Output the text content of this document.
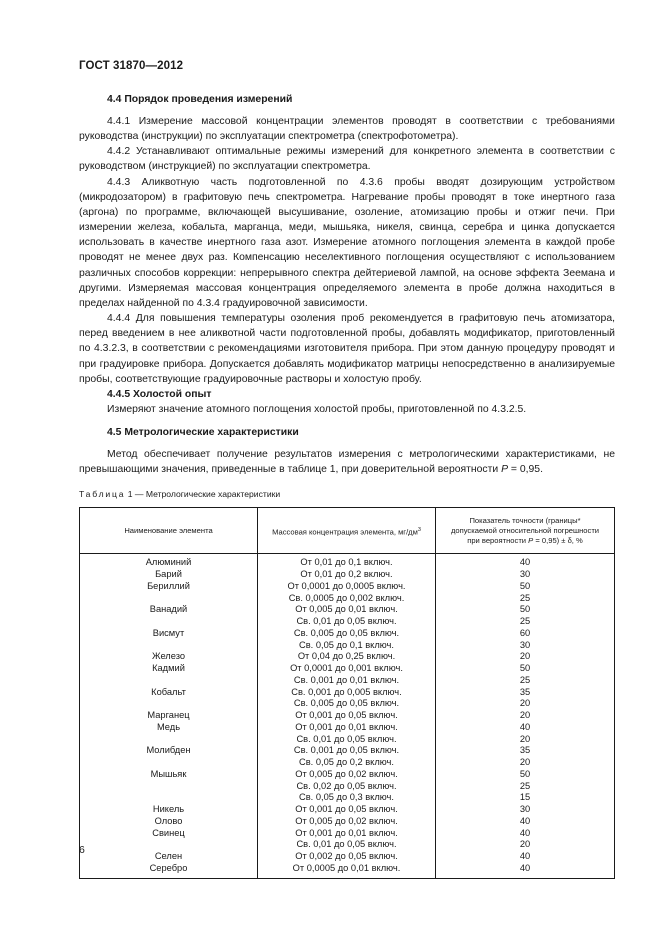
ГОСТ 31870—2012
4.4 Порядок проведения измерений

4.4.1 Измерение массовой концентрации элементов проводят в соответствии с требованиями руководства (инструкции) по эксплуатации спектрометра (спектрофотометра).

4.4.2 Устанавливают оптимальные режимы измерений для конкретного элемента в соответствии с руководством (инструкцией) по эксплуатации спектрометра.

4.4.3 Аликвотную часть подготовленной по 4.3.6 пробы вводят дозирующим устройством (микродозатором) в графитовую печь спектрометра. Нагревание пробы проводят в токе инертного газа (аргона) по программе, включающей высушивание, озоление, атомизацию пробы и отжиг печи. При измерении железа, кобальта, марганца, меди, мышьяка, никеля, свинца, серебра и цинка допускается использовать в качестве инертного газа азот. Измерение атомного поглощения элемента в каждой пробе проводят не менее двух раз. Компенсацию неселективного поглощения осуществляют с использованием различных способов коррекции: непрерывного спектра дейтериевой лампой, на основе эффекта Зеемана и другими. Измеряемая массовая концентрация определяемого элемента в пробе должна находиться в пределах найденной по 4.3.4 градуировочной зависимости.

4.4.4 Для повышения температуры озоления проб рекомендуется в графитовую печь атомизатора, перед введением в нее аликвотной части подготовленной пробы, добавлять модификатор, приготовленный по 4.3.2.3, в соответствии с рекомендациями изготовителя прибора. При этом данную процедуру проводят и при градуировке прибора. Допускается добавлять модификатор матрицы непосредственно в анализируемые пробы, соответствующие градуировочные растворы и холостую пробу.

4.4.5 Холостой опыт

Измеряют значение атомного поглощения холостой пробы, приготовленной по 4.3.2.5.

4.5 Метрологические характеристики

Метод обеспечивает получение результатов измерения с метрологическими характеристиками, не превышающими значения, приведенные в таблице 1, при доверительной вероятности P = 0,95.

Таблица 1 — Метрологические характеристики
Наименование элемента	Массовая концентрация элемента, $мг/дм^3$	Показатель точности (границы*
допускаемой относительной погрешности
при вероятности P = 0,95) ± δ, %
Алюминий	От 0,01 до 0,1 включ.	40
Барий	От 0,01 до 0,2 включ.	30
Бериллий	От 0,0001 до 0,0005 включ.	50
	Св. 0,0005 до 0,002 включ.	25
Ванадий	От 0,005 до 0,01 включ.	50
	Св. 0,01 до 0,05 включ.	25
Висмут	Св. 0,005 до 0,05 включ.	60
	Св. 0,05 до 0,1 включ.	30
Железо	От 0,04 до 0,25 включ.	20
Кадмий	От 0,0001 до 0,001 включ.	50
	Св. 0,001 до 0,01 включ.	25
Кобальт	Св. 0,001 до 0,005 включ.	35
	Св. 0,005 до 0,05 включ.	20
Марганец	От 0,001 до 0,05 включ.	20
Медь	От 0,001 до 0,01 включ.	40
	Св. 0,01 до 0,05 включ.	20
Молибден	Св. 0,001 до 0,05 включ.	35
	Св. 0,05 до 0,2 включ.	20
Мышьяк	От 0,005 до 0,02 включ.	50
	Св. 0,02 до 0,05 включ.	25
	Св. 0,05 до 0,3 включ.	15
Никель	От 0,001 до 0,05 включ.	30
Олово	От 0,005 до 0,02 включ.	40
Свинец	От 0,001 до 0,01 включ.	40
	Св. 0,01 до 0,05 включ.	20
Селен	От 0,002 до 0,05 включ.	40
Серебро	От 0,0005 до 0,01 включ.	40
6
